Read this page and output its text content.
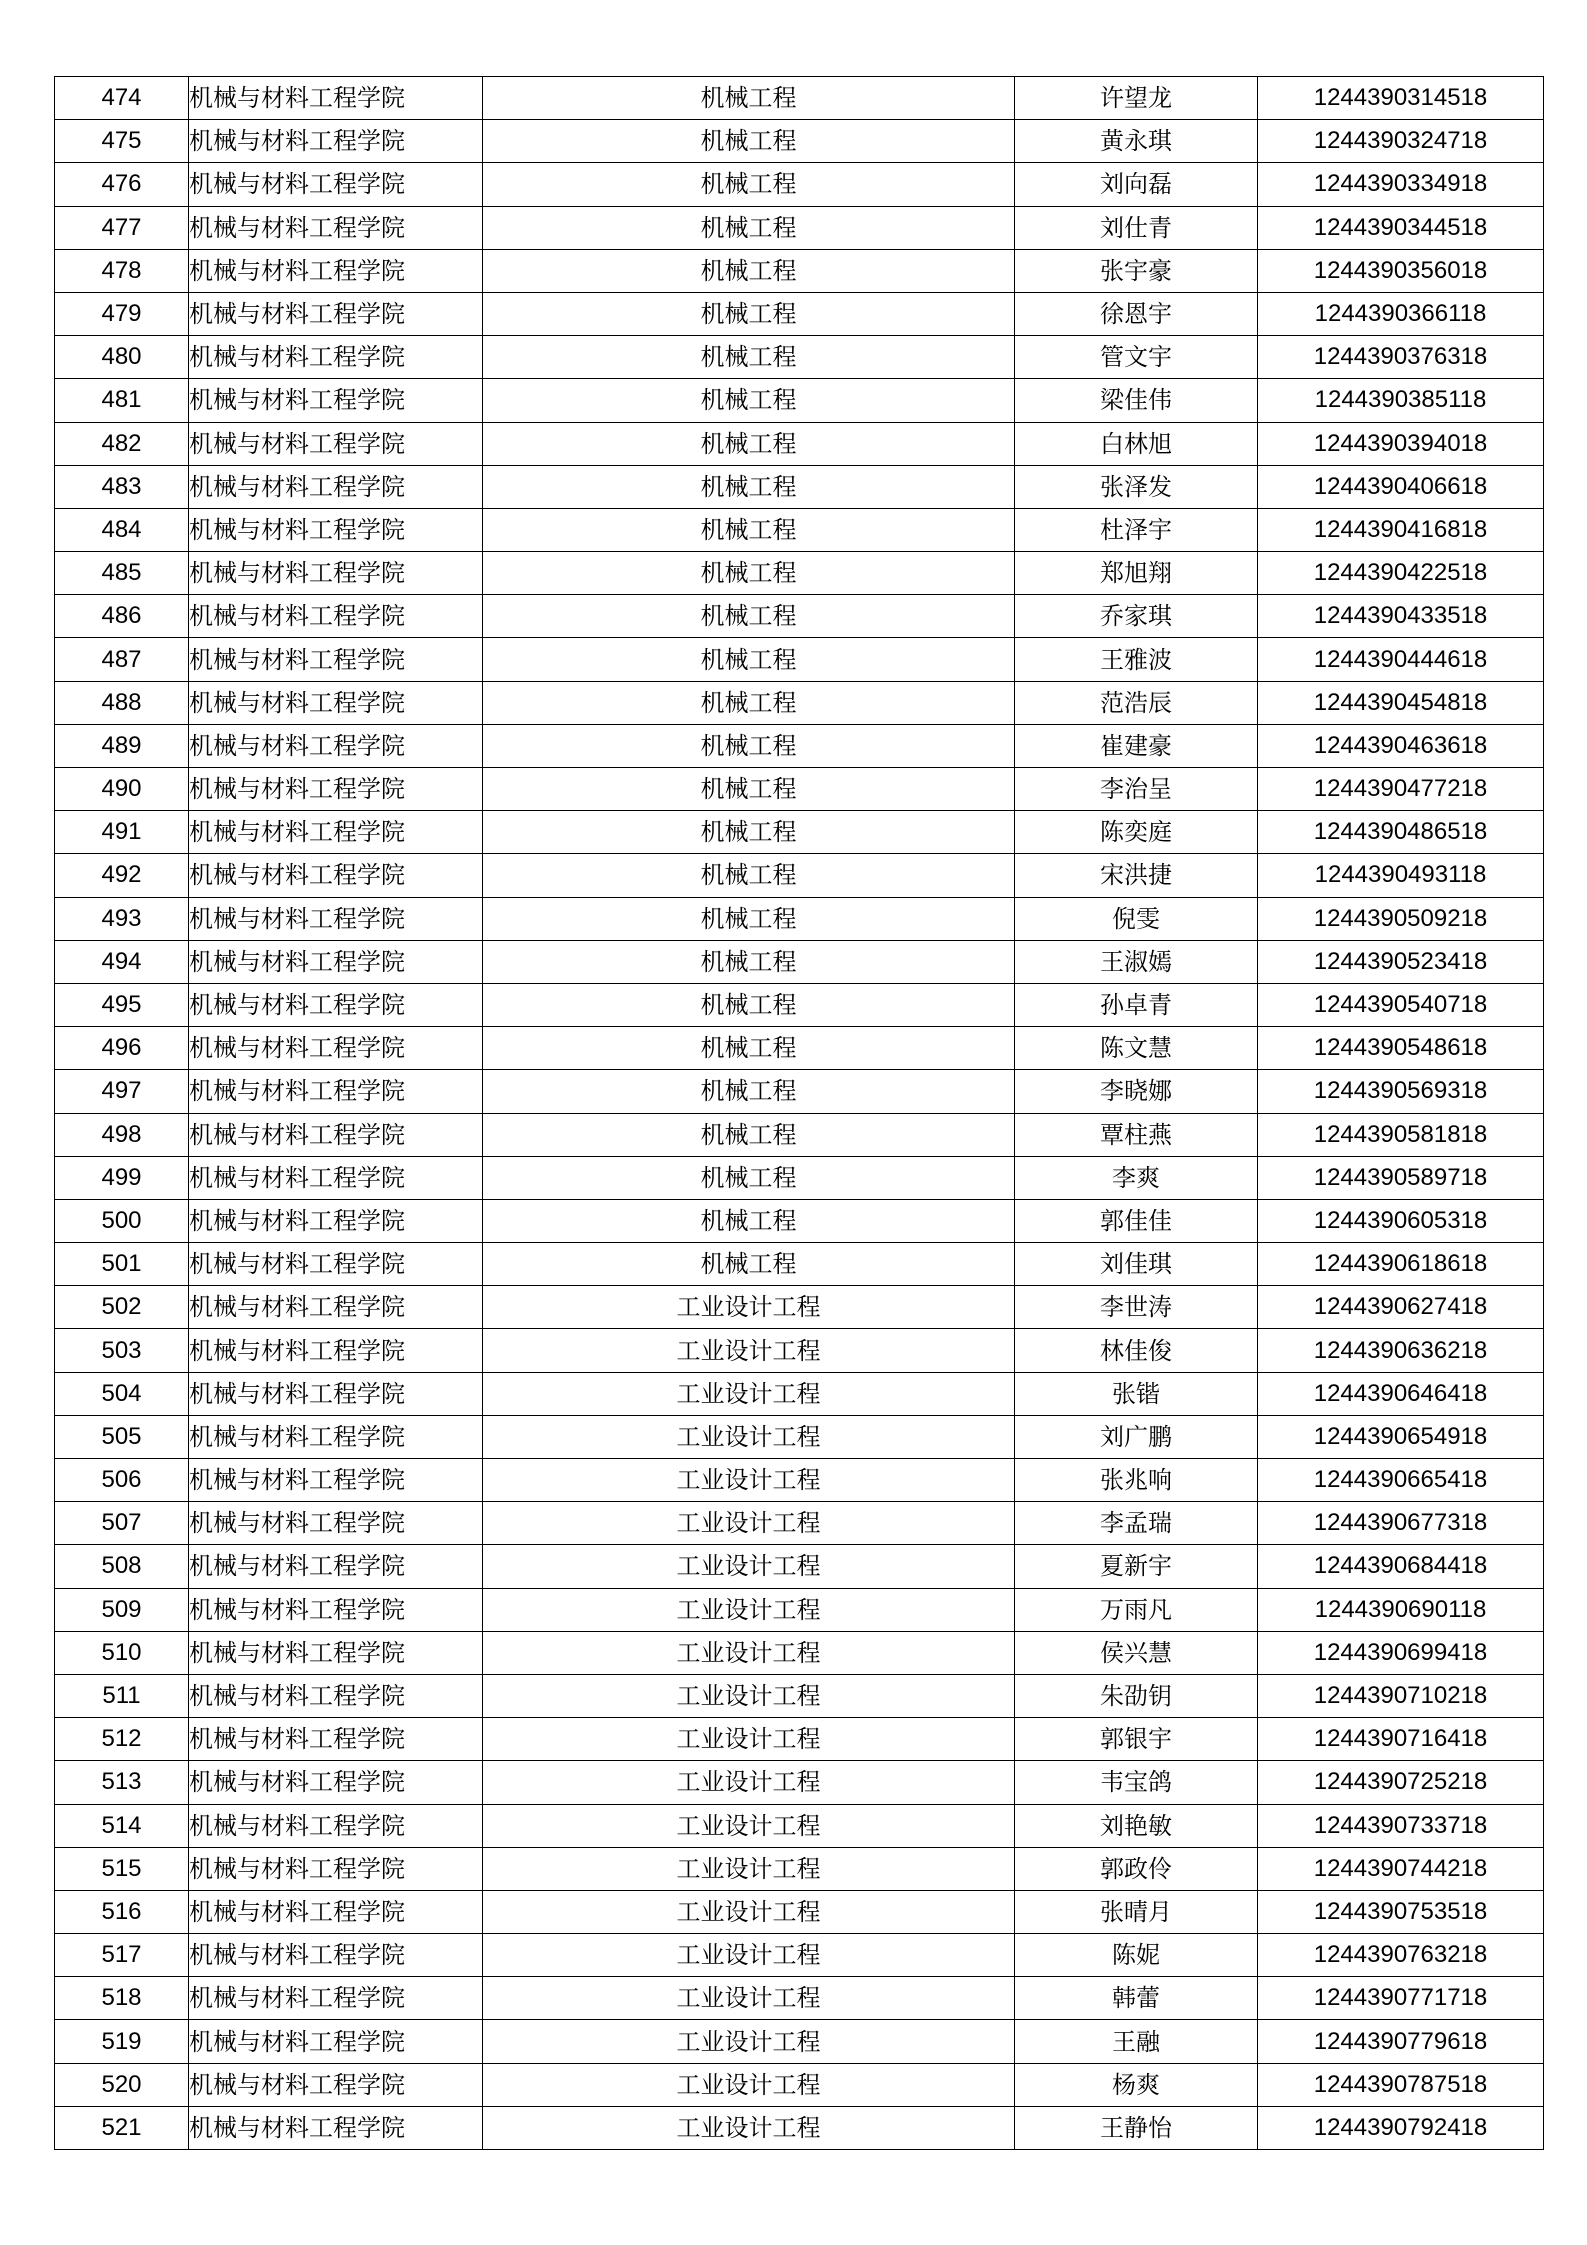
474	机械与材料工程学院	机械工程	许望龙	1244390314518
475	机械与材料工程学院	机械工程	黄永琪	1244390324718
476	机械与材料工程学院	机械工程	刘向磊	1244390334918
477	机械与材料工程学院	机械工程	刘仕青	1244390344518
478	机械与材料工程学院	机械工程	张宇豪	1244390356018
479	机械与材料工程学院	机械工程	徐恩宇	1244390366118
480	机械与材料工程学院	机械工程	管文宇	1244390376318
481	机械与材料工程学院	机械工程	梁佳伟	1244390385118
482	机械与材料工程学院	机械工程	白林旭	1244390394018
483	机械与材料工程学院	机械工程	张泽发	1244390406618
484	机械与材料工程学院	机械工程	杜泽宇	1244390416818
485	机械与材料工程学院	机械工程	郑旭翔	1244390422518
486	机械与材料工程学院	机械工程	乔家琪	1244390433518
487	机械与材料工程学院	机械工程	王雅波	1244390444618
488	机械与材料工程学院	机械工程	范浩辰	1244390454818
489	机械与材料工程学院	机械工程	崔建豪	1244390463618
490	机械与材料工程学院	机械工程	李治呈	1244390477218
491	机械与材料工程学院	机械工程	陈奕庭	1244390486518
492	机械与材料工程学院	机械工程	宋洪捷	1244390493118
493	机械与材料工程学院	机械工程	倪雯	1244390509218
494	机械与材料工程学院	机械工程	王淑嫣	1244390523418
495	机械与材料工程学院	机械工程	孙卓青	1244390540718
496	机械与材料工程学院	机械工程	陈文慧	1244390548618
497	机械与材料工程学院	机械工程	李晓娜	1244390569318
498	机械与材料工程学院	机械工程	覃柱燕	1244390581818
499	机械与材料工程学院	机械工程	李爽	1244390589718
500	机械与材料工程学院	机械工程	郭佳佳	1244390605318
501	机械与材料工程学院	机械工程	刘佳琪	1244390618618
502	机械与材料工程学院	工业设计工程	李世涛	1244390627418
503	机械与材料工程学院	工业设计工程	林佳俊	1244390636218
504	机械与材料工程学院	工业设计工程	张锴	1244390646418
505	机械与材料工程学院	工业设计工程	刘广鹏	1244390654918
506	机械与材料工程学院	工业设计工程	张兆响	1244390665418
507	机械与材料工程学院	工业设计工程	李孟瑞	1244390677318
508	机械与材料工程学院	工业设计工程	夏新宇	1244390684418
509	机械与材料工程学院	工业设计工程	万雨凡	1244390690118
510	机械与材料工程学院	工业设计工程	侯兴慧	1244390699418
511	机械与材料工程学院	工业设计工程	朱劭钥	1244390710218
512	机械与材料工程学院	工业设计工程	郭银宇	1244390716418
513	机械与材料工程学院	工业设计工程	韦宝鸽	1244390725218
514	机械与材料工程学院	工业设计工程	刘艳敏	1244390733718
515	机械与材料工程学院	工业设计工程	郭政伶	1244390744218
516	机械与材料工程学院	工业设计工程	张晴月	1244390753518
517	机械与材料工程学院	工业设计工程	陈妮	1244390763218
518	机械与材料工程学院	工业设计工程	韩蕾	1244390771718
519	机械与材料工程学院	工业设计工程	王融	1244390779618
520	机械与材料工程学院	工业设计工程	杨爽	1244390787518
521	机械与材料工程学院	工业设计工程	王静怡	1244390792418
